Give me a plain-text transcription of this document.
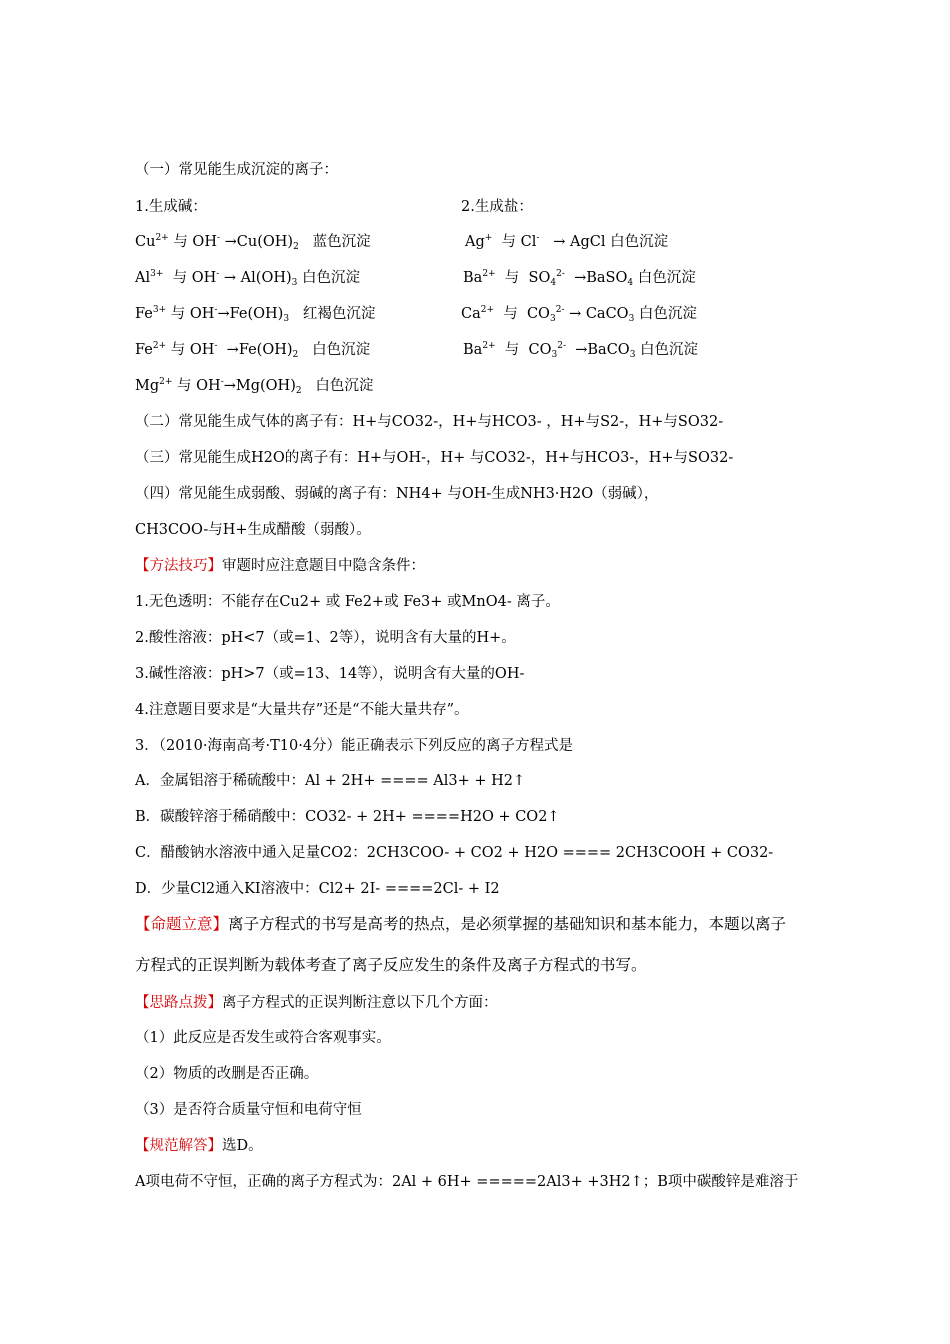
（一）常见能生成沉淀的离子：
1.生成碱：	2.生成盐：
$Cu^{2+}$ 与 $OH^- \to Cu(OH)_2$   蓝色沉淀
$Al^{3+}$  与 $OH^- \to Al(OH)_3$ 白色沉淀
$Fe^{3+}$ 与 $OH^-\to Fe(OH)_3$   红褐色沉淀
$Fe^{2+}$ 与 $OH^- \to Fe(OH)_2$   白色沉淀
$Mg^{2+}$ 与 $OH^-\to Mg(OH)_2$   白色沉淀
Ag+  与 Cl-   → AgCl 白色沉淀
$Ba^{2+}$  与  $SO_4^{2-}$  →BaSO$_4$ 白色沉淀
$Ca^{2+}$  与  $CO_3^{2-}$ → CaCO$_3$ 白色沉淀
$Ba^{2+}$  与  $CO_3^{2-}$  →BaCO$_3$ 白色沉淀
（二）常见能生成气体的离子有：H+与CO32-，H+与HCO3- ，H+与S2-，H+与SO32-
（三）常见能生成H2O的离子有：H+与OH-，H+ 与CO32-，H+与HCO3-，H+与SO32-
（四）常见能生成弱酸、弱碱的离子有：NH4+ 与OH-生成NH3·H2O（弱碱），
CH3COO-与H+生成醋酸（弱酸）。
【方法技巧】审题时应注意题目中隐含条件：
1.无色透明：不能存在Cu2+ 或 Fe2+或 Fe3+ 或MnO4- 离子。
2.酸性溶液：pH<7（或=1、2等），说明含有大量的H+。
3.碱性溶液：pH>7（或=13、14等），说明含有大量的OH-
4.注意题目要求是“大量共存”还是“不能大量共存”。
3．（2010·海南高考·T10·4分）能正确表示下列反应的离子方程式是
A．金属铝溶于稀硫酸中：Al + 2H+ ==== Al3+ + H2↑
B．碳酸锌溶于稀硝酸中：CO32- + 2H+ ====H2O + CO2↑
C．醋酸钠水溶液中通入足量CO2：2CH3COO- + CO2 + H2O ==== 2CH3COOH + CO32-
D．少量Cl2通入KI溶液中：Cl2+ 2I- ====2Cl- + I2
【命题立意】离子方程式的书写是高考的热点，是必须掌握的基础知识和基本能力，本题以离子
方程式的正误判断为载体考查了离子反应发生的条件及离子方程式的书写。
【思路点拨】离子方程式的正误判断注意以下几个方面：
（1）此反应是否发生或符合客观事实。
（2）物质的改删是否正确。
（3）是否符合质量守恒和电荷守恒
【规范解答】选D。
A项电荷不守恒，正确的离子方程式为：2Al + 6H+ =====2Al3+ +3H2↑；B项中碳酸锌是难溶于
